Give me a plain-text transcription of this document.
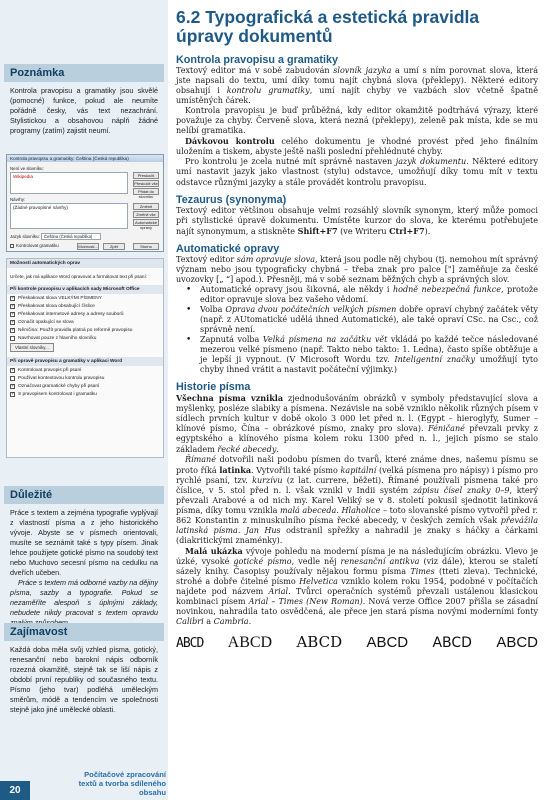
Poznámka
Kontrola pravopisu a gramatiky jsou skvělé (pomocné) funkce, pokud ale neumíte pořádně česky, vás text nezachrání. Stylistickou a obsahovou náplň žádné programy (zatím) zajistit neumí.
Kontrola pravopisu a gramatiky: Čeština (Česká republika)
Není ve slovníku:
Wikipedia	Přeskočit
Přeskočit vše
Přidat do slovníku
Návrhy:
(Žádné pravopisné návrhy)	Změnit
Změnit vše
Automatické opravy
Jazyk slovníku:	Čeština (Česká republika)
Kontrolovat gramatiku	Možnosti...	Zpět	Storno
Možnosti automatických oprav
Určete, jak má aplikace Word opravovat a formátovat text při psaní:
Při kontrole pravopisu v aplikacích sady Microsoft Office
✓ Přeskakovat slova VELKÝMI PÍSMENY
✓ Přeskakovat slova obsahující číslice
✓ Přeskakovat internetové adresy a adresy souborů
✓ Označit opakující se slova
✓ Němčina: Použít pravidla platná po reformě pravopisu
Navrhovat pouze z hlavního slovníku
Vlastní slovníky...
Při opravě pravopisu a gramatiky v aplikaci Word
✓ Kontrolovat pravopis při psaní
Používat kontextovou kontrolu pravopisu
✓ Označovat gramatické chyby při psaní
✓ S pravopisem kontrolovat i gramatiku
Důležité
Práce s textem a zejména typografie vyplývají z vlastností písma a z jeho historického vývoje. Abyste se v písmech orientovali, musíte se seznámit také s typy písem. Jinak lehce použijete gotické písmo na soudobý text nebo Muchovo secesní písmo na cedulku na dveřích učeben.
Práce s textem má odborné vazby na dějiny písma, sazby a typografie. Pokud se nezaměříte alespoň s úplnými základy, nebudete nikdy pracovat s textem opravdu
Zajímavost
Každá doba měla svůj vzhled písma, gotický, renesanční nebo barokní nápis odborník rozezná okamžitě, stejně tak se liší nápis z období první republiky od současného textu. Písmo (jeho tvar) podléhá uměleckým směrům, módě a tendencím ve společnosti stejně jako jiné umělecké oblasti.
Počítačové zpracování textů a tvorba sdíleného obsahu
20
6.2 Typografická a estetická pravidla úpravy dokumentů
Kontrola pravopisu a gramatiky

Textový editor má v sobě zabudován slovník jazyka a umí s ním porovnat slova, která jste napsali do textu, umí díky tomu najít chybná slova (překlepy). Některé editory obsahují i kontrolu gramatiky, umí najít chyby ve vazbách slov včetně špatně umístěných čárek.

Kontrola pravopisu je buď průběžná, kdy editor okamžitě podtrhává výrazy, které považuje za chyby. Červeně slova, která nezná (překlepy), zeleně pak místa, kde se mu nelíbí gramatika.

Dávkovou kontrolu celého dokumentu je vhodné provést před jeho finálním uložením a tiskem, abyste ještě našli poslední přehlédnuté chyby.

Pro kontrolu je zcela nutné mít správně nastaven jazyk dokumentu. Některé editory umí nastavit jazyk jako vlastnost (stylu) odstavce, umožňují díky tomu mít v textu odstavce různými jazyky a stále provádět kontrolu pravopisu.

Tezaurus (synonyma)

Textový editor většinou obsahuje velmi rozsáhlý slovník synonym, který může pomoci při stylistické úpravě dokumentu. Umístěte kurzor do slova, ke kterému potřebujete najít synonymum, a stiskněte Shift+F7 (ve Writeru Ctrl+F7).

Automatické opravy

Textový editor sám opravuje slova, která jsou podle něj chybou (tj. nemohou mít správný význam nebo jsou typograficky chybná – třeba znak pro palce ["] zaměňuje za české uvozovky [„ “] apod.). Přesněji, má v sobě seznam běžných chyb a správných slov.

• Automatické opravy jsou šikovná, ale někdy i hodně nebezpečná funkce, protože editor opravuje slova bez vašeho vědomí.
• Volba Oprava dvou počátečních velkých písmen dobře opraví chybný začátek věty (např. z AUtomatické udělá ihned Automatické), ale také opraví CSc. na Csc., což správně není.
• Zapnutá volba Velká písmena na začátku vět vkládá po každé tečce následované mezerou velké písmeno (např. Takto nebo takto: 1. Ledna), často spíše obtěžuje a je lepší ji vypnout. (V Microsoft Wordu tzv. Inteligentní značky umožňují tyto chyby ihned vrátit a nastavit počáteční výjimky.)
Historie písma

Všechna písma vznikla zjednodušováním obrázků v symboly představující slova a myšlenky, posléze slabiky a písmena. Nezávisle na sobě vzniklo několik různých písem v sídlech prvních kultur v době okolo 3 000 let před n. l. (Egypt – hieroglyfy, Sumer – klínové písmo, Čína – obrázkové písmo, znaky pro slova). Féničané převzali prvky z egyptského a klínového písma kolem roku 1300 před n. l., jejich písmo se stalo základem řecké abecedy.

Římané dotvořili naši podobu písmen do tvarů, které známe dnes, našemu písmu se proto říká latinka. Vytvořili také písmo kapitální (velká písmena pro nápisy) i písmo pro rychlé psaní, tzv. kurzívu (z lat. currere, běžeti). Římané používali písmena také pro číslice, v 5. stol před n. l. však vznikl v Indii systém zápisu čísel znaky 0–9, který převzali Arabové a od nich my. Karel Veliký se v 8. století pokusil sjednotit latinková písma, díky tomu vznikla malá abeceda. Hlaholice – toto slovanské písmo vytvořil před r. 862 Konstantin z minuskulního písma řecké abecedy, v českých zemích však převážila latinská písma. Jan Hus odstranil spřežky a nahradil je znaky s háčky a čárkami (diakritickými znaménky).

Malá ukázka vývoje pohledu na moderní písma je na následujícím obrázku. Vlevo je úzké, vysoké gotické písmo, vedle něj renesanční antikva (viz dále), kterou se staletí sázely knihy. Časopisy používaly nějakou formu písma Times (tteti zleva). Technické, strohé a dobře čitelné písmo Helvetica vzniklo kolem roku 1954, podobné v počítačích najdete pod názvem Arial. Tvůrci operačních systémů převzali ustálenou klasickou kombinaci písem Arial – Times (New Roman). Nová verze Office 2007 přišla se zásadní novinkou, nahradila tato osvědčená, ale přece jen stará písma novými moderními fonty Calibri a Cambria.

ABCD ABCD ABCD ABCD ABCD ABCD
